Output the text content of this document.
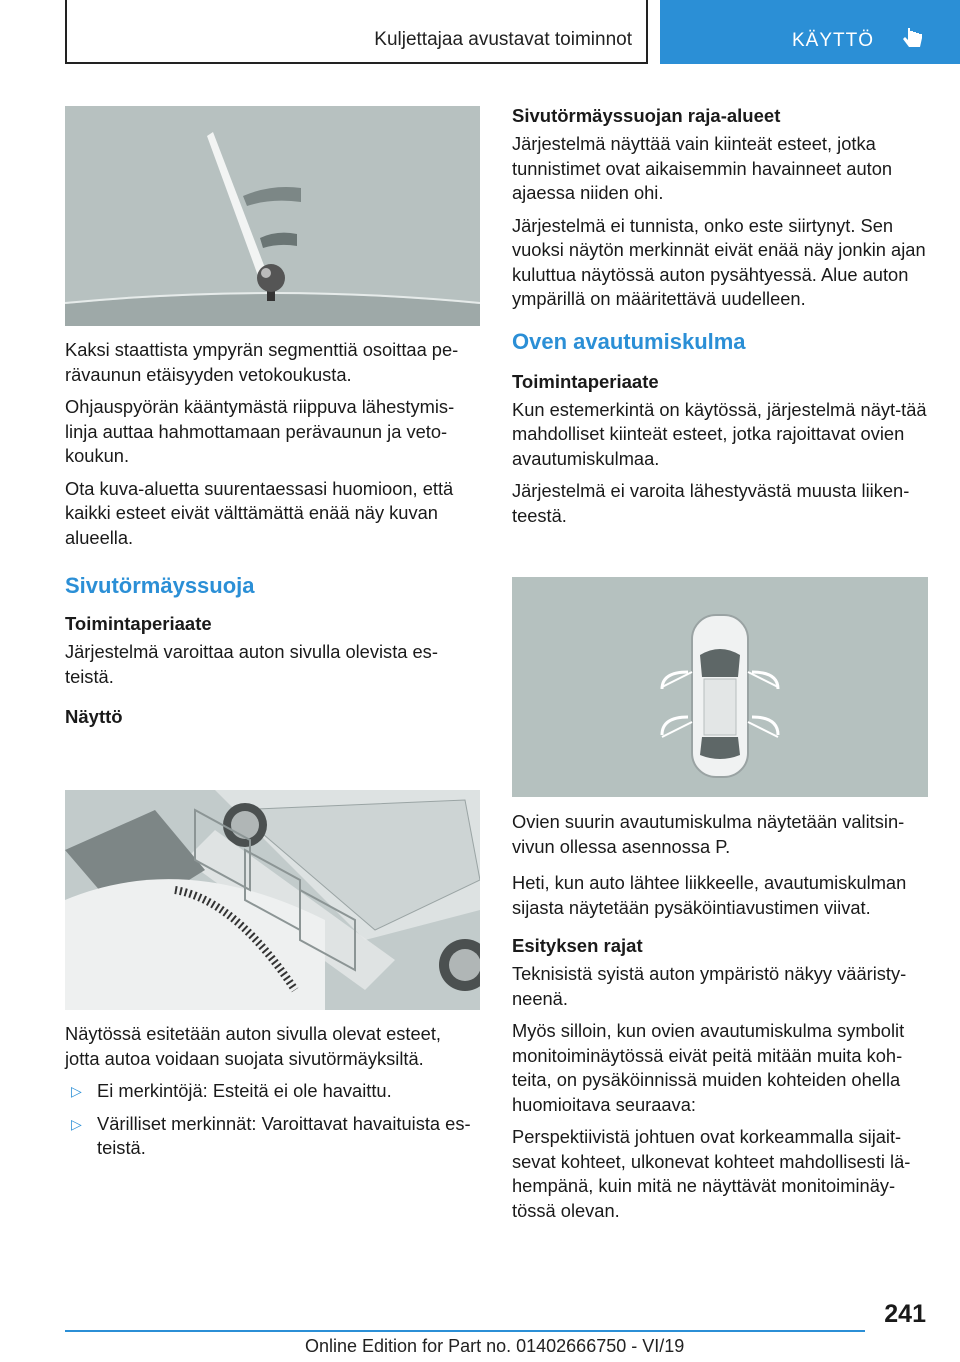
Kuljettajaa avustavat toiminnot	KÄYTTÖ

Kaksi staattista ympyrän segmenttiä osoittaa pe-rävaunun etäisyyden vetokoukusta.

Ohjauspyörän kääntymästä riippuva lähestymis-linja auttaa hahmottamaan perävaunun ja veto-koukun.

Ota kuva-aluetta suurentaessasi huomioon, että kaikki esteet eivät välttämättä enää näy kuvan alueella.

Sivutörmäyssuoja
Toimintaperiaate

Järjestelmä varoittaa auton sivulla olevista es-teistä.

Näyttö

Näytössä esitetään auton sivulla olevat esteet, jotta autoa voidaan suojata sivutörmäyksiltä.

▷ Ei merkintöjä: Esteitä ei ole havaittu.
▷ Värilliset merkinnät: Varoittavat havaituista es-teistä.
Sivutörmäyssuojan raja-alueet

Järjestelmä näyttää vain kiinteät esteet, jotka tunnistimet ovat aikaisemmin havainneet auton ajaessa niiden ohi.

Järjestelmä ei tunnista, onko este siirtynyt. Sen vuoksi näytön merkinnät eivät enää näy jonkin ajan kuluttua näytössä auton pysähtyessä. Alue auton ympärillä on määritettävä uudelleen.

Oven avautumiskulma
Toimintaperiaate

Kun estemerkintä on käytössä, järjestelmä näyt-tää mahdolliset kiinteät esteet, jotka rajoittavat ovien avautumiskulmaa.

Järjestelmä ei varoita lähestyvästä muusta liiken-teestä.

Ovien suurin avautumiskulma näytetään valitsin-vivun ollessa asennossa P.

Heti, kun auto lähtee liikkeelle, avautumiskulman sijasta näytetään pysäköintiavustimen viivat.

Esityksen rajat

Teknisistä syistä auton ympäristö näkyy vääristy-neenä.

Myös silloin, kun ovien avautumiskulma symbolit monitoiminäytössä eivät peitä mitään muita koh-teita, on pysäköinnissä muiden kohteiden ohella huomioitava seuraava:

Perspektiivistä johtuen ovat korkeammalla sijait-sevat kohteet, ulkonevat kohteet mahdollisesti lä-hempänä, kuin mitä ne näyttävät monitoiminäy-tössä olevan.

241
Online Edition for Part no. 01402666750 - VI/19
